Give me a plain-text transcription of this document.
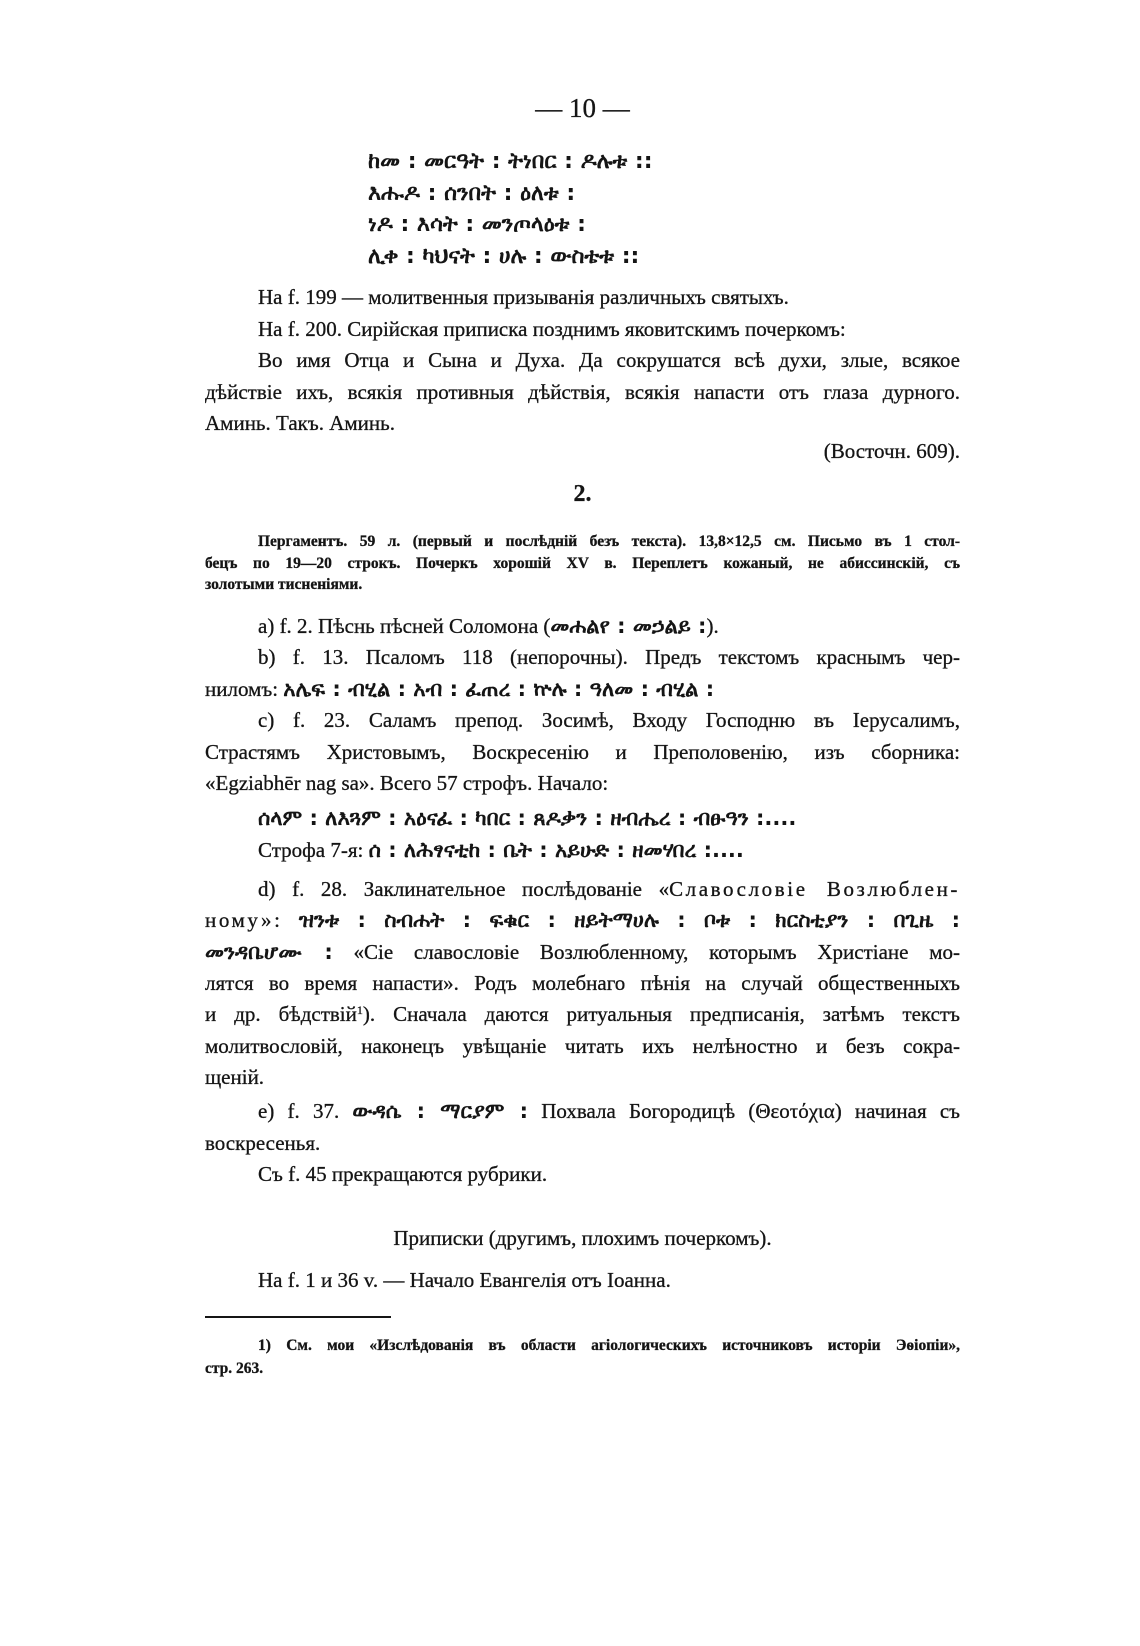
— 10 —
ከመ : መርዓት : ትነበር : ዶሉቱ ::
እሑዶ : ሰንበት : ዕለቱ :
ነዶ : እሳት : መንጦላዕቱ :
ሊቀ : ካህናት : ሀሉ : ውስቴቱ ::
На f. 199 — молитвенныя призыванія различныхъ святыхъ.
На f. 200. Сирійская приписка позднимъ яковитскимъ почеркомъ:
Во имя Отца и Сына и Духа. Да сокрушатся всѣ духи, злые, всякое
дѣйствіе ихъ, всякія противныя дѣйствія, всякія напасти отъ глаза дурного.
Аминь. Такъ. Аминь.
(Восточн. 609).
2.
Пергаментъ. 59 л. (первый и послѣдній безъ текста). 13,8×12,5 см. Письмо въ 1 стол-
бецъ по 19—20 строкъ. Почеркъ хорошій XV в. Переплетъ кожаный, не абиссинскій, съ
золотыми тисненіями.
a) f. 2. Пѣснь пѣсней Соломона (መሐልየ : መኃልይ :).
b) f. 13. Псаломъ 118 (непорочны). Предъ текстомъ краснымъ чер-
ниломъ: አሌፍ : ብሂል : አብ : ፈጠረ : ኵሉ : ዓለመ : ብሂል :
c) f. 23. Саламъ препод. Зосимѣ, Входу Господню въ Іерусалимъ,
Страстямъ Христовымъ, Воскресенію и Преполовенію, изъ сборника:
«Egziabhēr nag sa». Всего 57 строфъ. Начало:
ሰላም : ለእጓም : አዕናፈ : ካበር : ጸዶቃን : ዘብሔረ : ብፁዓን :....
Строфа 7-я: ሰ : ለሕፃናቲከ : ቤት : አይሁድ : ዘመሃበረ :....
d) f. 28. Заклинательное послѣдованіе «Славословіе Возлюблен-
ному»: ዝንቱ : ስብሐት : ፍቁር : ዘይትማሀሉ : ቦቱ : ክርስቲያን : በጊዜ :
መንዳቤሆሙ : «Сіе славословіе Возлюбленному, которымъ Христіане мо-
лятся во время напасти». Родъ молебнаго пѣнія на случай общественныхъ
и др. бѣдствій$^1$). Сначала даются ритуальныя предписанія, затѣмъ текстъ
молитвословій, наконецъ увѣщаніе читать ихъ нелѣностно и безъ сокра-
щеній.
e) f. 37. ውዳሴ : ማርያም : Похвала Богородицѣ (Θεοτόχια) начиная съ
воскресенья.
Съ f. 45 прекращаются рубрики.
Приписки (другимъ, плохимъ почеркомъ).
На f. 1 и 36 v. — Начало Евангелія отъ Іоанна.
1) См. мои «Изслѣдованія въ области агіологическихъ источниковъ исторіи Эѳіопіи»,
стр. 263.
